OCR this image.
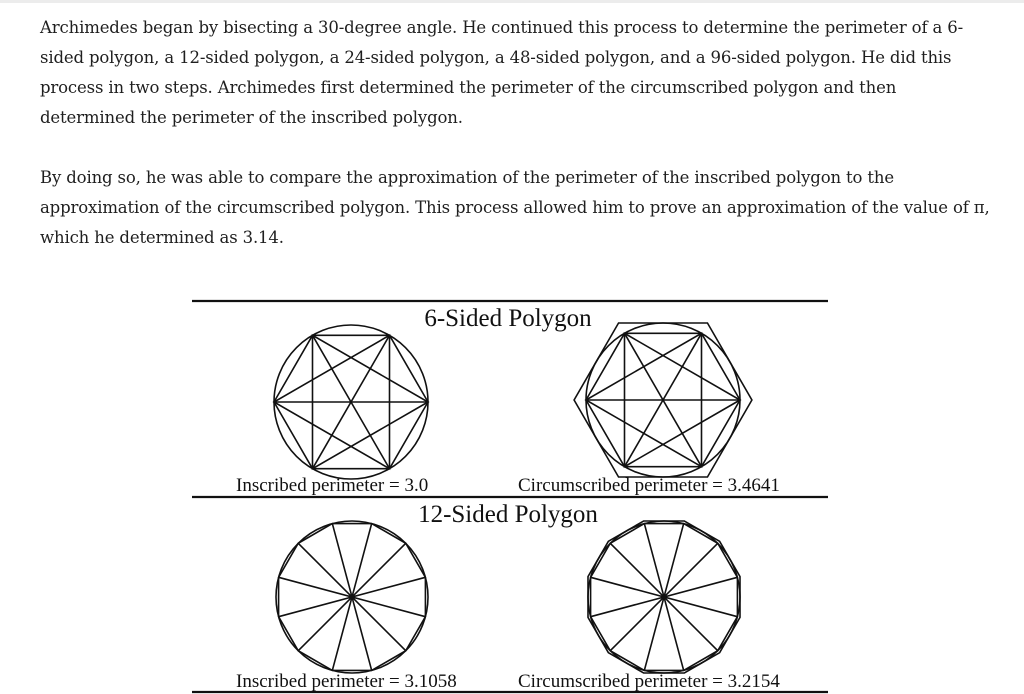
Archimedes began by bisecting a 30-degree angle. He continued this process to determine the perimeter of a 6-sided polygon, a 12-sided polygon, a 24-sided polygon, a 48-sided polygon, and a 96-sided polygon. He did this process in two steps. Archimedes first determined the perimeter of the circumscribed polygon and then determined the perimeter of the inscribed polygon.

By doing so, he was able to compare the approximation of the perimeter of the inscribed polygon to the approximation of the circumscribed polygon. This process allowed him to prove an approximation of the value of π, which he determined as 3.14.

6-Sided Polygon
Inscribed perimeter = 3.0	Circumscribed perimeter = 3.4641
12-Sided Polygon
Inscribed perimeter = 3.1058	Circumscribed perimeter = 3.2154
